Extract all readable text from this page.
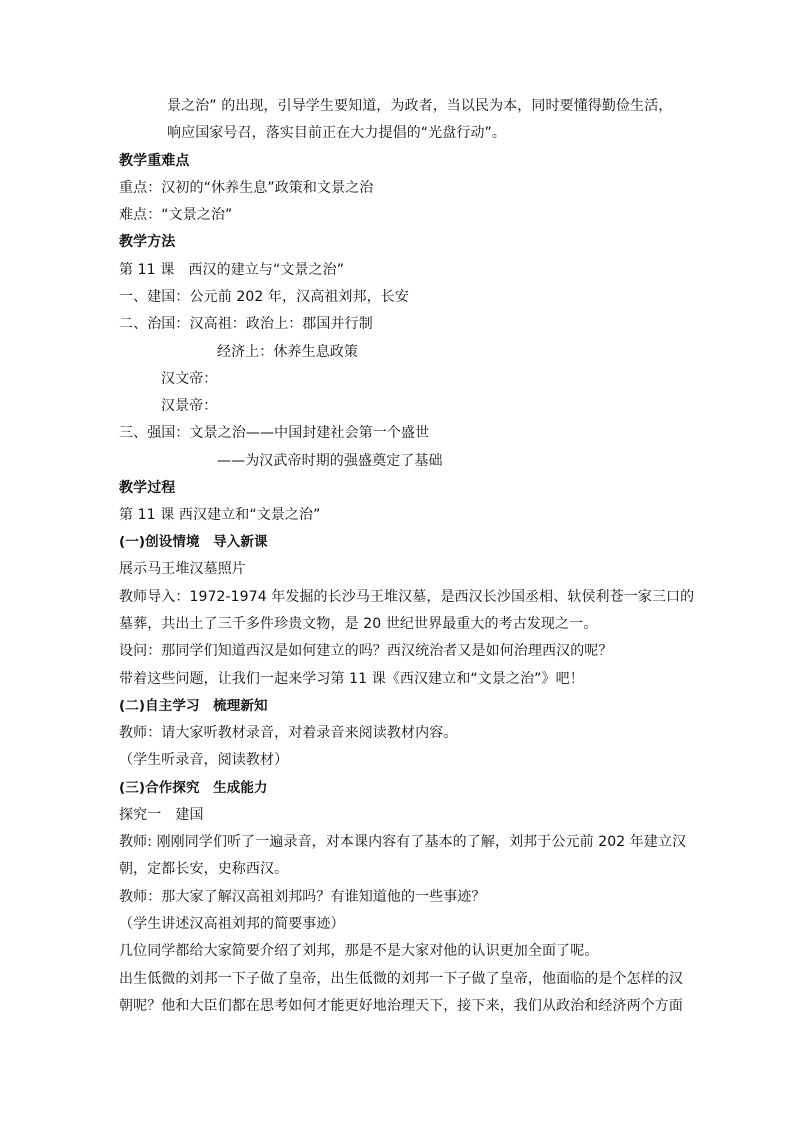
景之治” 的出现，引导学生要知道，为政者，当以民为本，同时要懂得勤俭生活，
响应国家号召，落实目前正在大力提倡的“光盘行动”。
教学重难点
重点：汉初的“休养生息”政策和文景之治
难点：“文景之治”
教学方法
第 11 课　西汉的建立与“文景之治”
一、建国：公元前 202 年，汉高祖刘邦，长安
二、治国：汉高祖：政治上：郡国并行制
经济上：休养生息政策
汉文帝：
汉景帝：
三、强国：文景之治——中国封建社会第一个盛世
——为汉武帝时期的强盛奠定了基础
教学过程
第 11 课 西汉建立和“文景之治”
(一)创设情境　导入新课
展示马王堆汉墓照片
教师导入：1972-1974 年发掘的长沙马王堆汉墓，是西汉长沙国丞相、轪侯利苍一家三口的
墓葬，共出土了三千多件珍贵文物，是 20 世纪世界最重大的考古发现之一。
设问：那同学们知道西汉是如何建立的吗？西汉统治者又是如何治理西汉的呢？
带着这些问题，让我们一起来学习第 11 课《西汉建立和“文景之治”》吧！
(二)自主学习　梳理新知
教师：请大家听教材录音，对着录音来阅读教材内容。
（学生听录音，阅读教材）
(三)合作探究　生成能力
探究一　建国
教师: 刚刚同学们听了一遍录音，对本课内容有了基本的了解，刘邦于公元前 202 年建立汉
朝，定都长安，史称西汉。
教师：那大家了解汉高祖刘邦吗？有谁知道他的一些事迹？
（学生讲述汉高祖刘邦的简要事迹）
几位同学都给大家简要介绍了刘邦，那是不是大家对他的认识更加全面了呢。
出生低微的刘邦一下子做了皇帝，出生低微的刘邦一下子做了皇帝，他面临的是个怎样的汉
朝呢？他和大臣们都在思考如何才能更好地治理天下，接下来，我们从政治和经济两个方面
